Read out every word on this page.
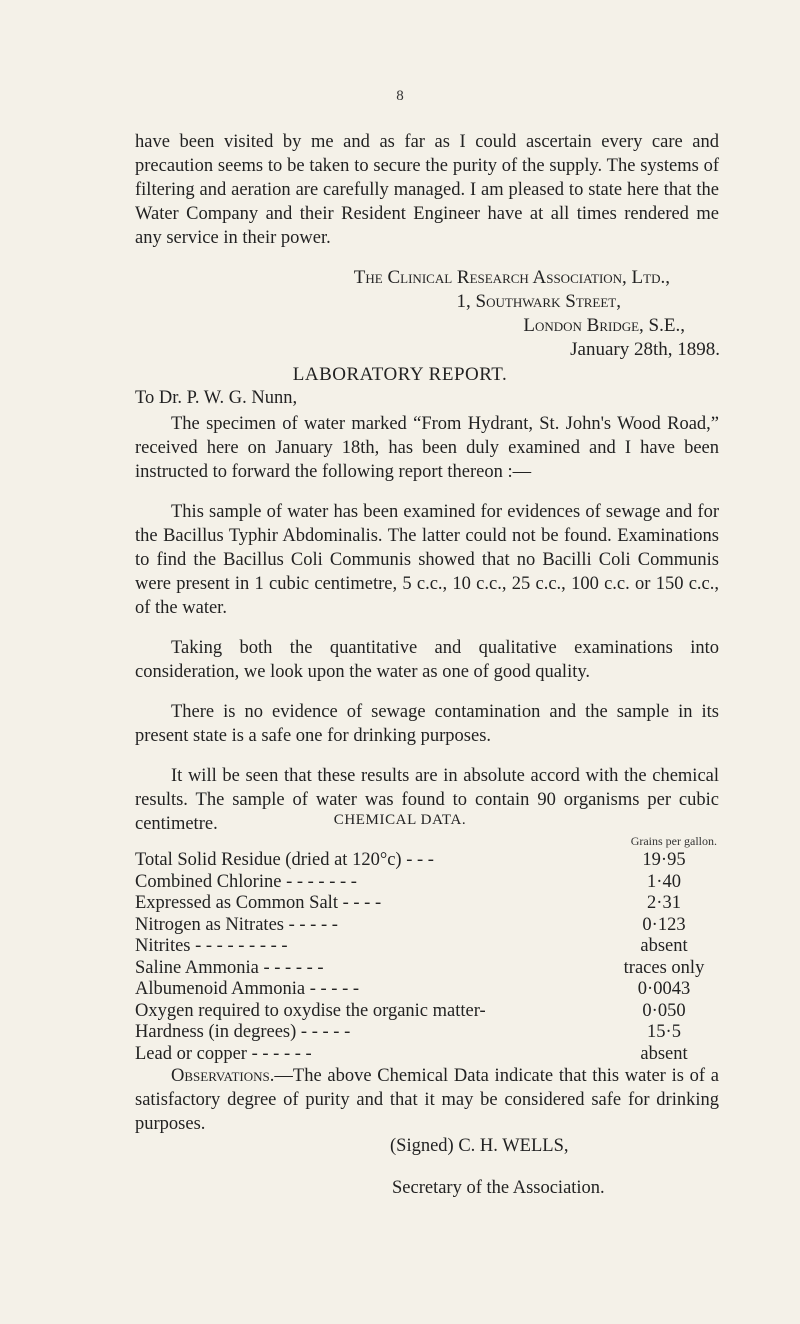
8

have been visited by me and as far as I could ascertain every care and precaution seems to be taken to secure the purity of the supply. The systems of filtering and aeration are carefully managed. I am pleased to state here that the Water Company and their Resident Engineer have at all times rendered me any service in their power.

The Clinical Research Association, Ltd.,
1, Southwark Street,
London Bridge, S.E.,
January 28th, 1898.
LABORATORY REPORT.
To Dr. P. W. G. Nunn,

The specimen of water marked “From Hydrant, St. John's Wood Road,” received here on January 18th, has been duly examined and I have been instructed to forward the following report thereon :—

This sample of water has been examined for evidences of sewage and for the Bacillus Typhir Abdominalis. The latter could not be found. Examinations to find the Bacillus Coli Communis showed that no Bacilli Coli Communis were present in 1 cubic centimetre, 5 c.c., 10 c.c., 25 c.c., 100 c.c. or 150 c.c., of the water.

Taking both the quantitative and qualitative examinations into consideration, we look upon the water as one of good quality.

There is no evidence of sewage contamination and the sample in its present state is a safe one for drinking purposes.

It will be seen that these results are in absolute accord with the chemical results. The sample of water was found to contain 90 organisms per cubic centimetre.	CHEMICAL DATA.
Grains per gallon.
Total Solid Residue (dried at 120°c) - - -	19·95
Combined Chlorine - - - - - - -	1·40
Expressed as Common Salt - - - -	2·31
Nitrogen as Nitrates - - - - -	0·123
Nitrites - - - - - - - - -	absent
Saline Ammonia - - - - - -	traces only
Albumenoid Ammonia - - - - -	0·0043
Oxygen required to oxydise the organic matter-	0·050
Hardness (in degrees) - - - - -	15·5
Lead or copper - - - - - -	absent

Observations.—The above Chemical Data indicate that this water is of a satisfactory degree of purity and that it may be considered safe for drinking purposes.

(Signed) C. H. WELLS,
Secretary of the Association.
